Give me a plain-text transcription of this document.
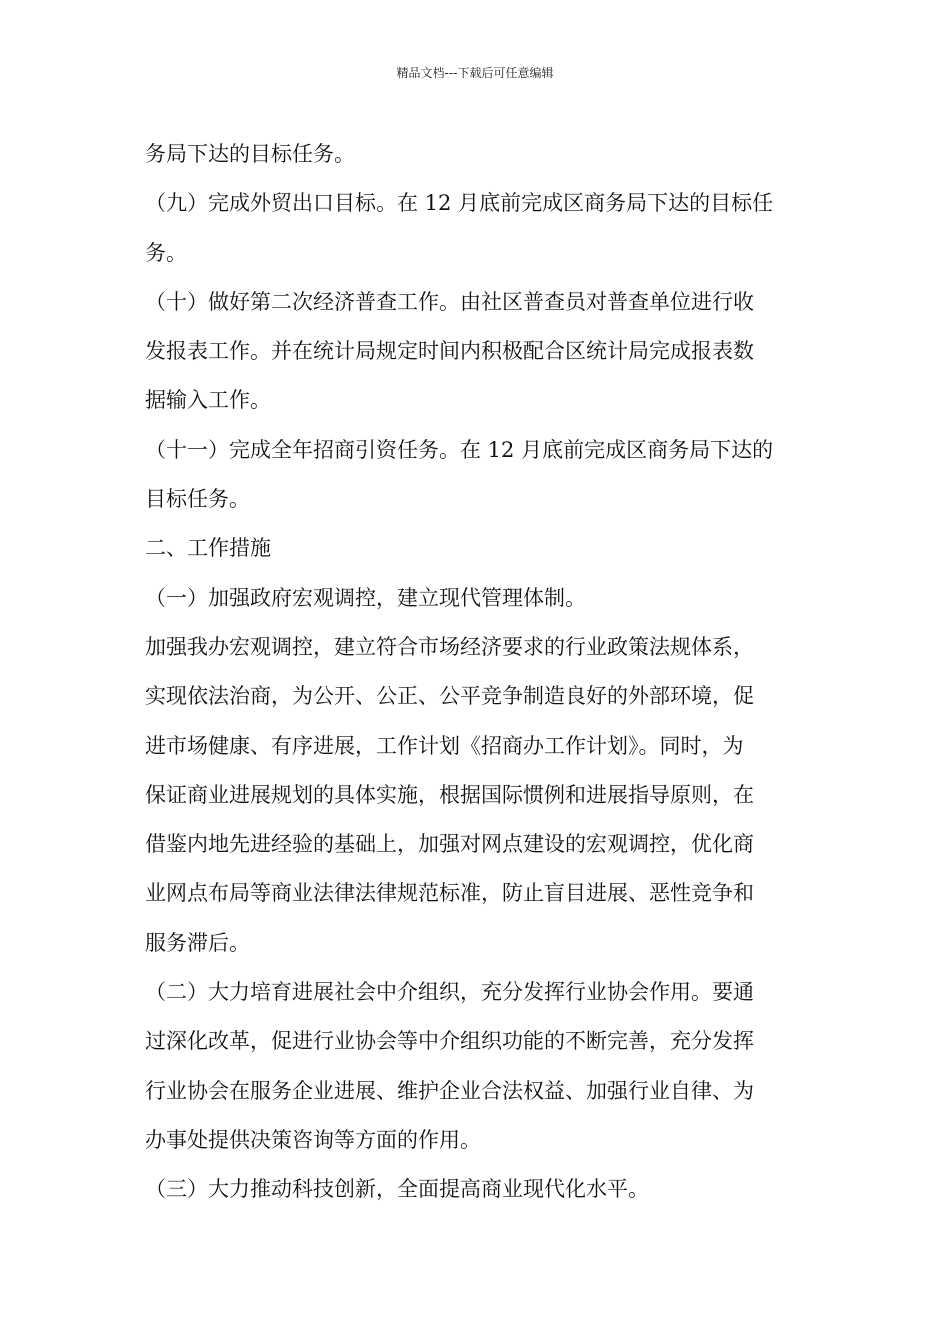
精品文档---下载后可任意编辑
务局下达的目标任务。
（九）完成外贸出口目标。在 12 月底前完成区商务局下达的目标任
务。
（十）做好第二次经济普查工作。由社区普查员对普查单位进行收
发报表工作。并在统计局规定时间内积极配合区统计局完成报表数
据输入工作。
（十一）完成全年招商引资任务。在 12 月底前完成区商务局下达的
目标任务。
二、工作措施
（一）加强政府宏观调控，建立现代管理体制。
加强我办宏观调控，建立符合市场经济要求的行业政策法规体系，
实现依法治商，为公开、公正、公平竞争制造良好的外部环境，促
进市场健康、有序进展，工作计划《招商办工作计划》。同时，为
保证商业进展规划的具体实施，根据国际惯例和进展指导原则，在
借鉴内地先进经验的基础上，加强对网点建设的宏观调控，优化商
业网点布局等商业法律法律规范标准，防止盲目进展、恶性竞争和
服务滞后。
（二）大力培育进展社会中介组织，充分发挥行业协会作用。要通
过深化改革，促进行业协会等中介组织功能的不断完善，充分发挥
行业协会在服务企业进展、维护企业合法权益、加强行业自律、为
办事处提供决策咨询等方面的作用。
（三）大力推动科技创新，全面提高商业现代化水平。
